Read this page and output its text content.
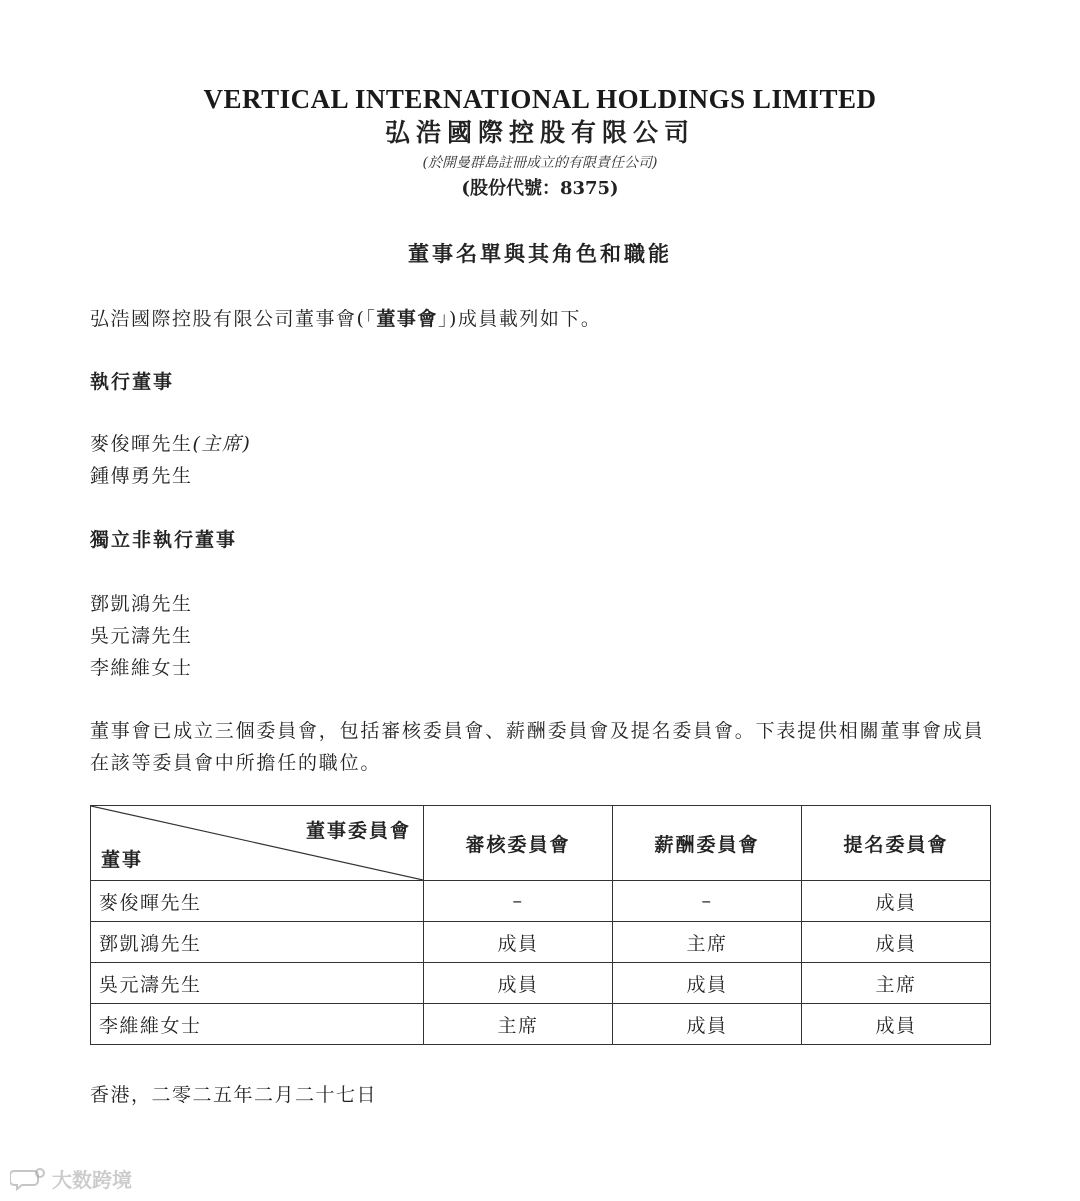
VERTICAL INTERNATIONAL HOLDINGS LIMITED
弘浩國際控股有限公司
(於開曼群島註冊成立的有限責任公司)
(股份代號：8375)
董事名單與其角色和職能
弘浩國際控股有限公司董事會(「董事會」)成員載列如下。
執行董事
麥俊暉先生(主席)
鍾傳勇先生
獨立非執行董事
鄧凱鴻先生
吳元濤先生
李維維女士
董事會已成立三個委員會，包括審核委員會、薪酬委員會及提名委員會。下表提供相關董事會成員在該等委員會中所擔任的職位。
董事委員會
董事	審核委員會	薪酬委員會	提名委員會
麥俊暉先生	–	–	成員
鄧凱鴻先生	成員	主席	成員
吳元濤先生	成員	成員	主席
李維維女士	主席	成員	成員
香港，二零二五年二月二十七日
大数跨境
